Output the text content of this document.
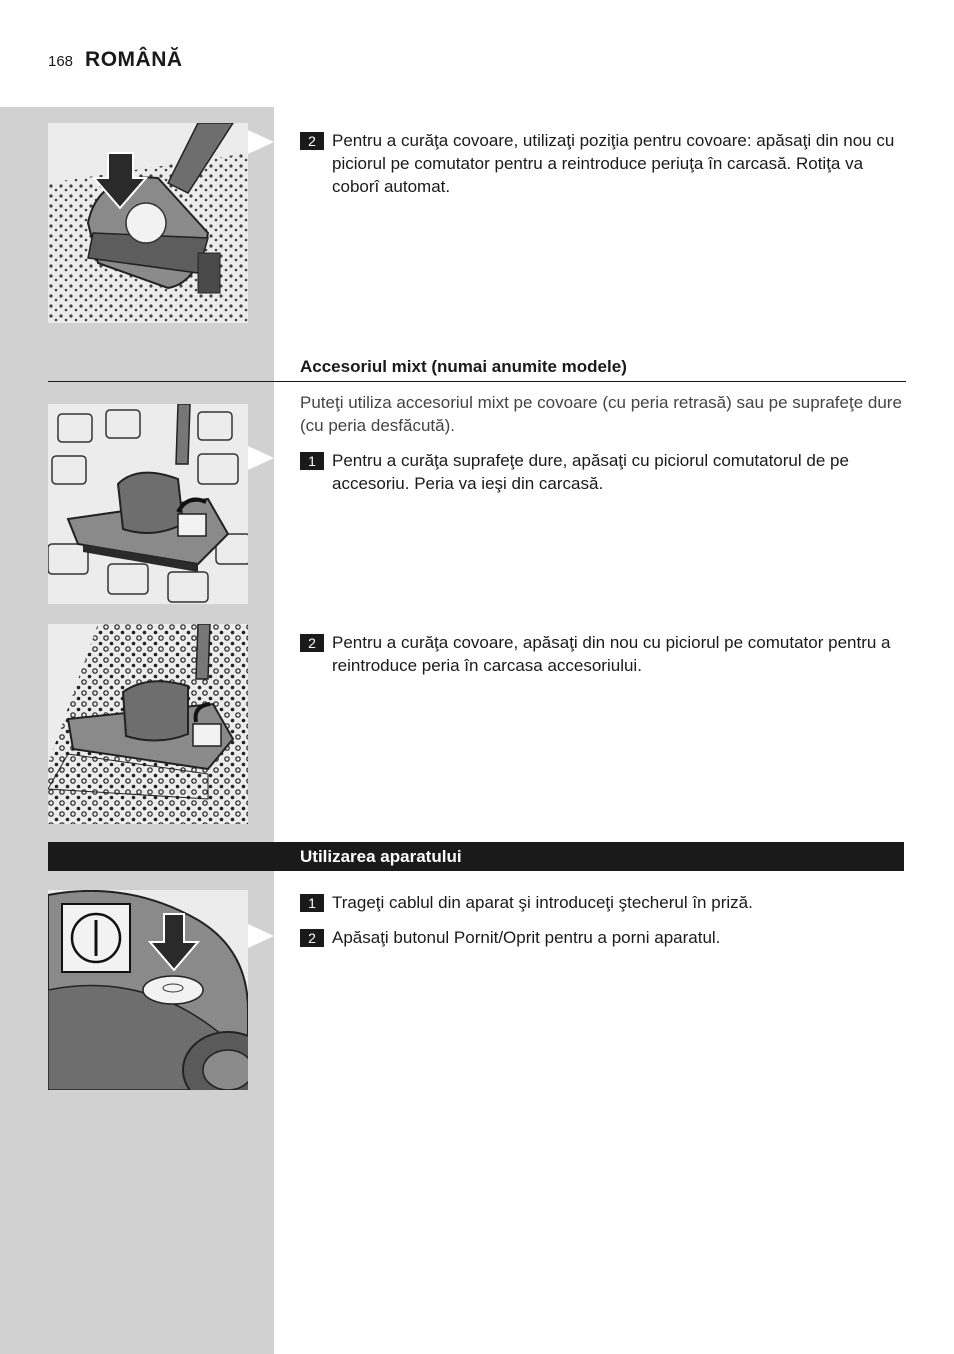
168 ROMÂNĂ
2 Pentru a curăţa covoare, utilizaţi poziţia pentru covoare: apăsaţi din nou cu piciorul pe comutator pentru a reintroduce periuţa în carcasă. Rotiţa va coborî automat.
Accesoriul mixt (numai anumite modele)
Puteţi utiliza accesoriul mixt pe covoare (cu peria retrasă) sau pe suprafeţe dure (cu peria desfăcută).
1 Pentru a curăţa suprafeţe dure, apăsaţi cu piciorul comutatorul de pe accesoriu. Peria va ieşi din carcasă.
2 Pentru a curăţa covoare, apăsaţi din nou cu piciorul pe comutator pentru a reintroduce peria în carcasa accesoriului.
Utilizarea aparatului
1 Trageţi cablul din aparat şi introduceţi ştecherul în priză.
2 Apăsaţi butonul Pornit/Oprit pentru a porni aparatul.
